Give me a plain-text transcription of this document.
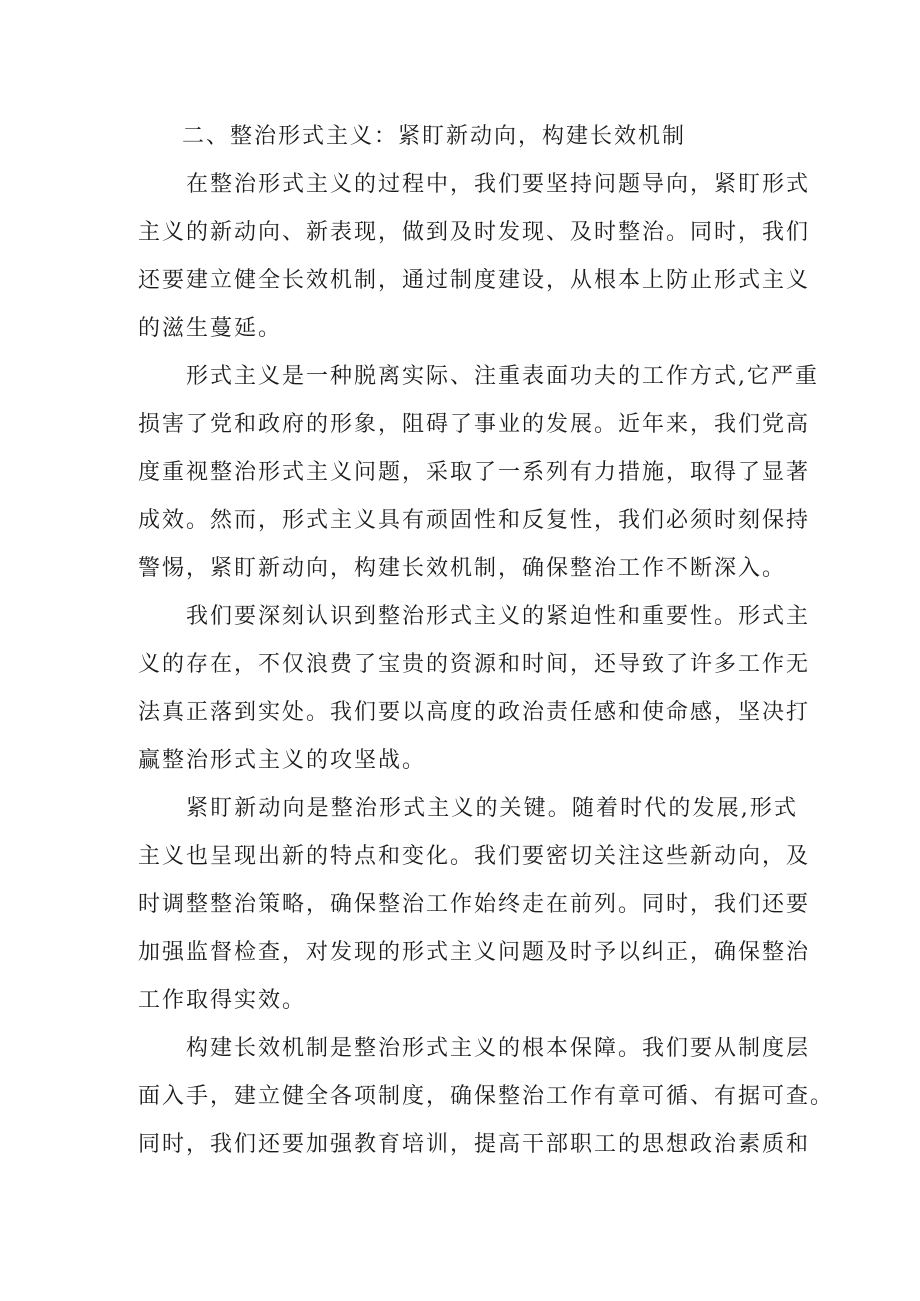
二、整治形式主义：紧盯新动向，构建长效机制

在整治形式主义的过程中，我们要坚持问题导向，紧盯形式
主义的新动向、新表现，做到及时发现、及时整治。同时，我们
还要建立健全长效机制，通过制度建设，从根本上防止形式主义
的滋生蔓延。

形式主义是一种脱离实际、注重表面功夫的工作方式,它严重
损害了党和政府的形象，阻碍了事业的发展。近年来，我们党高
度重视整治形式主义问题，采取了一系列有力措施，取得了显著
成效。然而，形式主义具有顽固性和反复性，我们必须时刻保持
警惕，紧盯新动向，构建长效机制，确保整治工作不断深入。

我们要深刻认识到整治形式主义的紧迫性和重要性。形式主
义的存在，不仅浪费了宝贵的资源和时间，还导致了许多工作无
法真正落到实处。我们要以高度的政治责任感和使命感，坚决打
赢整治形式主义的攻坚战。

紧盯新动向是整治形式主义的关键。随着时代的发展,形式
主义也呈现出新的特点和变化。我们要密切关注这些新动向，及
时调整整治策略，确保整治工作始终走在前列。同时，我们还要
加强监督检查，对发现的形式主义问题及时予以纠正，确保整治
工作取得实效。

构建长效机制是整治形式主义的根本保障。我们要从制度层
面入手，建立健全各项制度，确保整治工作有章可循、有据可查。
同时，我们还要加强教育培训，提高干部职工的思想政治素质和
